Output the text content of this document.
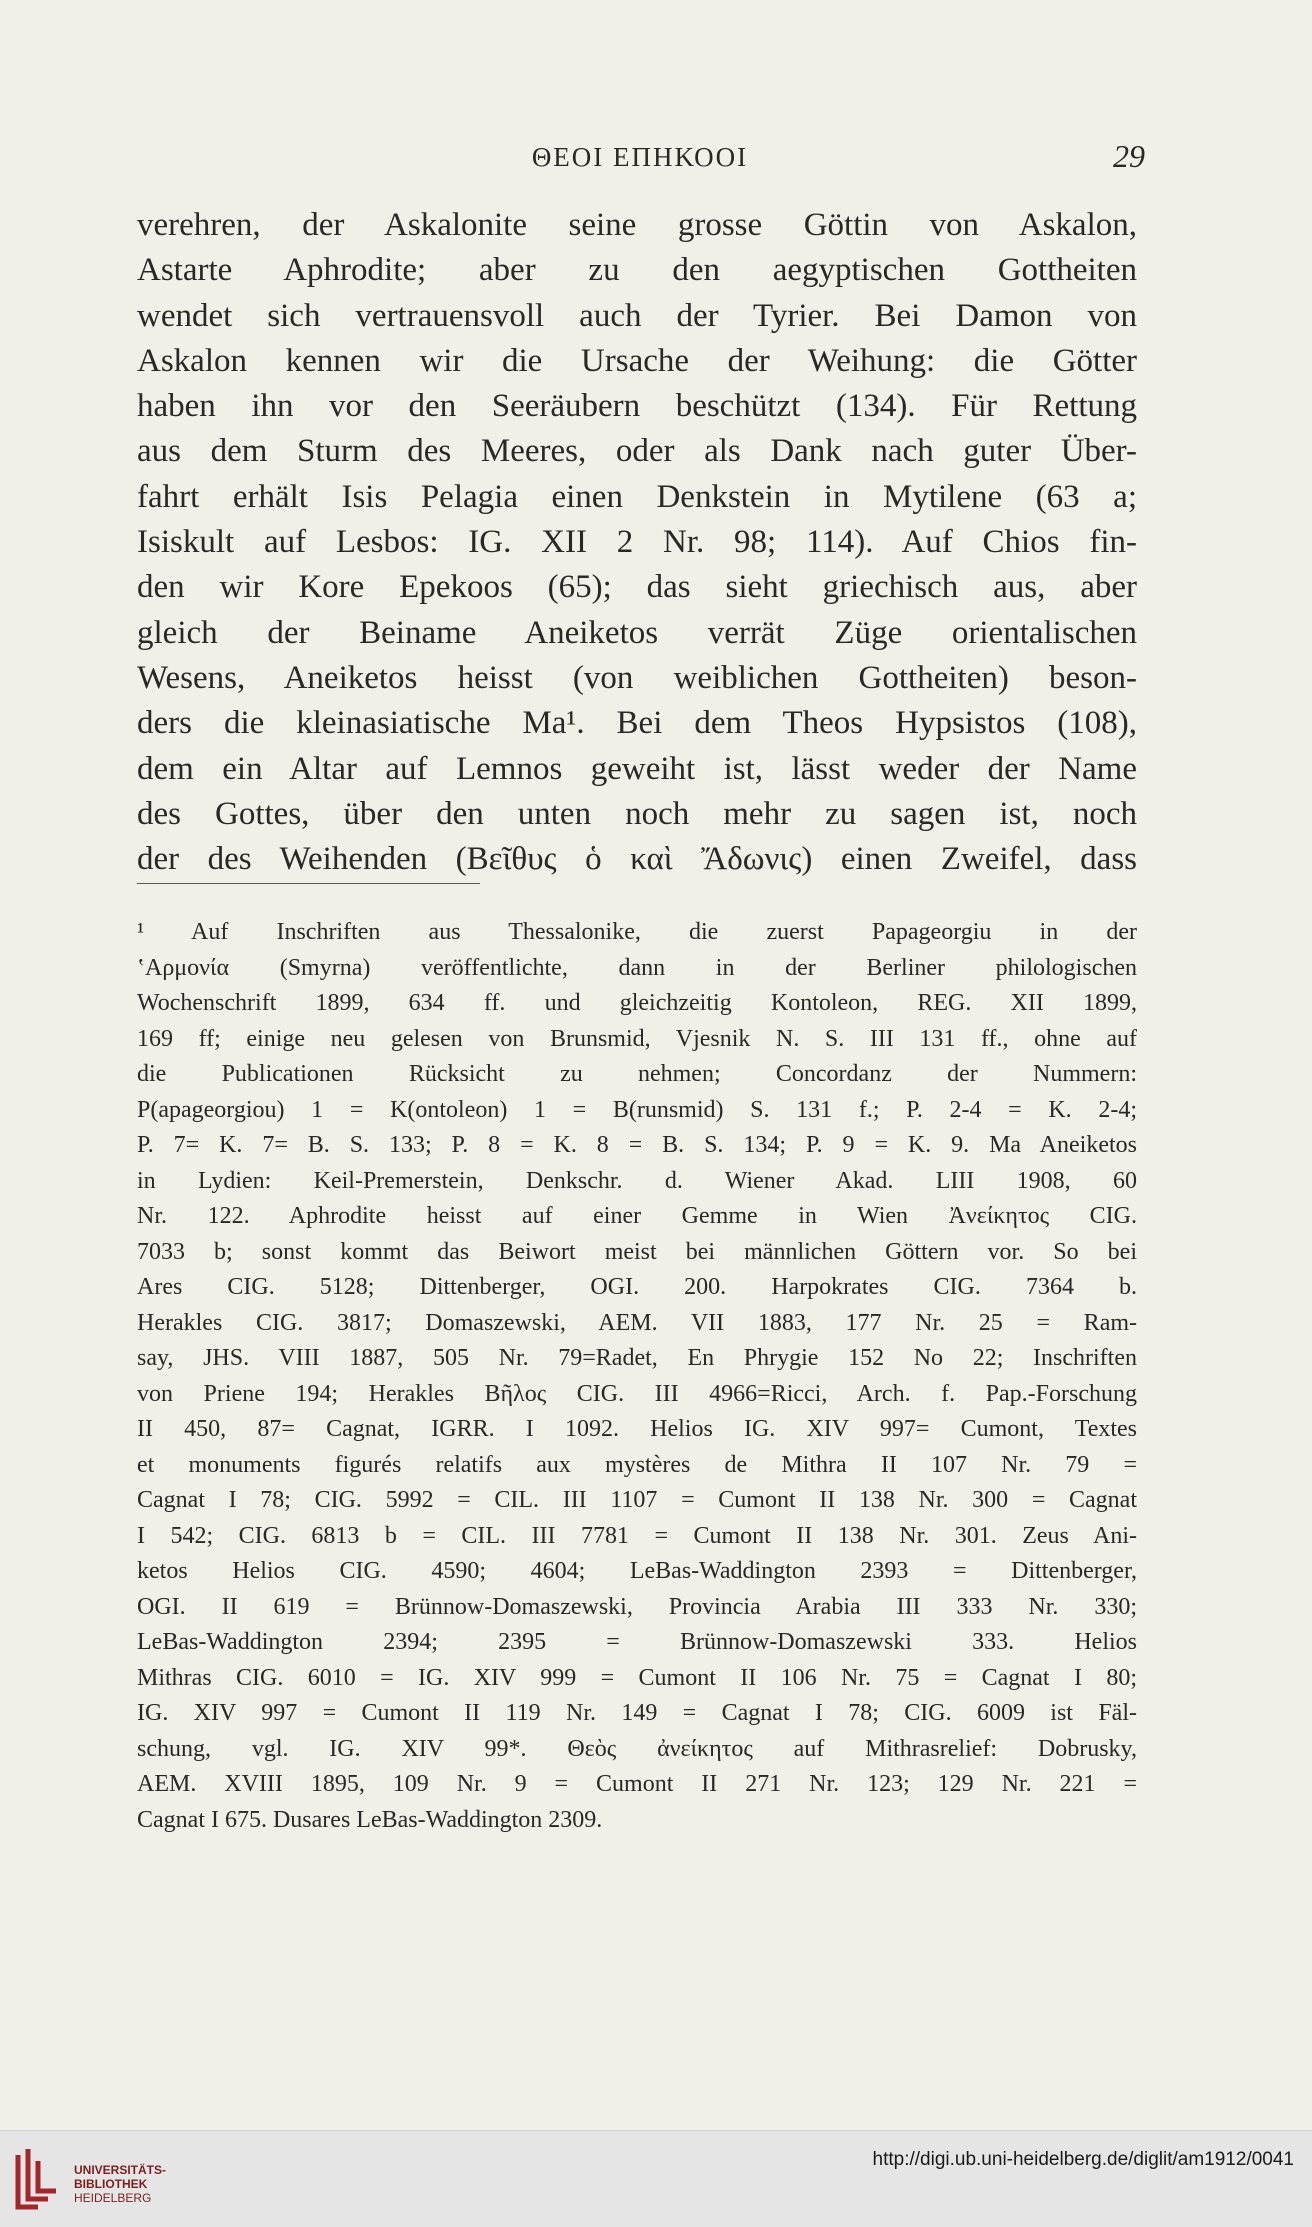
ΘΕΟΙ ΕΠΗΚΟΟΙ	29
verehren, der Askalonite seine grosse Göttin von Askalon,
Astarte Aphrodite; aber zu den aegyptischen Gottheiten
wendet sich vertrauensvoll auch der Tyrier. Bei Damon von
Askalon kennen wir die Ursache der Weihung: die Götter
haben ihn vor den Seeräubern beschützt (134). Für Rettung
aus dem Sturm des Meeres, oder als Dank nach guter Über-
fahrt erhält Isis Pelagia einen Denkstein in Mytilene (63 a;
Isiskult auf Lesbos: IG. XII 2 Nr. 98; 114). Auf Chios fin-
den wir Kore Epekoos (65); das sieht griechisch aus, aber
gleich der Beiname Aneiketos verrät Züge orientalischen
Wesens, Aneiketos heisst (von weiblichen Gottheiten) beson-
ders die kleinasiatische Ma¹. Bei dem Theos Hypsistos (108),
dem ein Altar auf Lemnos geweiht ist, lässt weder der Name
des Gottes, über den unten noch mehr zu sagen ist, noch
der des Weihenden (Βεῖθυς ὁ καὶ Ἄδωνις) einen Zweifel, dass
¹ Auf Inschriften aus Thessalonike, die zuerst Papageorgiu in der
ʽΑρμονία (Smyrna) veröffentlichte, dann in der Berliner philologischen
Wochenschrift 1899, 634 ff. und gleichzeitig Kontoleon, REG. XII 1899,
169 ff; einige neu gelesen von Brunsmid, Vjesnik N. S. III 131 ff., ohne auf
die Publicationen Rücksicht zu nehmen; Concordanz der Nummern:
P(apageorgiou) 1 = K(ontoleon) 1 = B(runsmid) S. 131 f.; P. 2-4 = K. 2-4;
P. 7= K. 7= B. S. 133; P. 8 = K. 8 = B. S. 134; P. 9 = K. 9. Ma Aneiketos
in Lydien: Keil-Premerstein, Denkschr. d. Wiener Akad. LIII 1908, 60
Nr. 122. Aphrodite heisst auf einer Gemme in Wien Ἀνείκητος CIG.
7033 b; sonst kommt das Beiwort meist bei männlichen Göttern vor. So bei
Ares CIG. 5128; Dittenberger, OGI. 200. Harpokrates CIG. 7364 b.
Herakles CIG. 3817; Domaszewski, AEM. VII 1883, 177 Nr. 25 = Ram-
say, JHS. VIII 1887, 505 Nr. 79=Radet, En Phrygie 152 No 22; Inschriften
von Priene 194; Herakles Βῆλος CIG. III 4966=Ricci, Arch. f. Pap.-Forschung
II 450, 87= Cagnat, IGRR. I 1092. Helios IG. XIV 997= Cumont, Textes
et monuments figurés relatifs aux mystères de Mithra II 107 Nr. 79 =
Cagnat I 78; CIG. 5992 = CIL. III 1107 = Cumont II 138 Nr. 300 = Cagnat
I 542; CIG. 6813 b = CIL. III 7781 = Cumont II 138 Nr. 301. Zeus Ani-
ketos Helios CIG. 4590; 4604; LeBas-Waddington 2393 = Dittenberger,
OGI. II 619 = Brünnow-Domaszewski, Provincia Arabia III 333 Nr. 330;
LeBas-Waddington 2394; 2395 = Brünnow-Domaszewski 333. Helios
Mithras CIG. 6010 = IG. XIV 999 = Cumont II 106 Nr. 75 = Cagnat I 80;
IG. XIV 997 = Cumont II 119 Nr. 149 = Cagnat I 78; CIG. 6009 ist Fäl-
schung, vgl. IG. XIV 99*. Θεὸς ἀνείκητος auf Mithrasrelief: Dobrusky,
AEM. XVIII 1895, 109 Nr. 9 = Cumont II 271 Nr. 123; 129 Nr. 221 =
Cagnat I 675. Dusares LeBas-Waddington 2309.
UNIVERSITÄTS-
BIBLIOTHEK
HEIDELBERG
http://digi.ub.uni-heidelberg.de/diglit/am1912/0041
